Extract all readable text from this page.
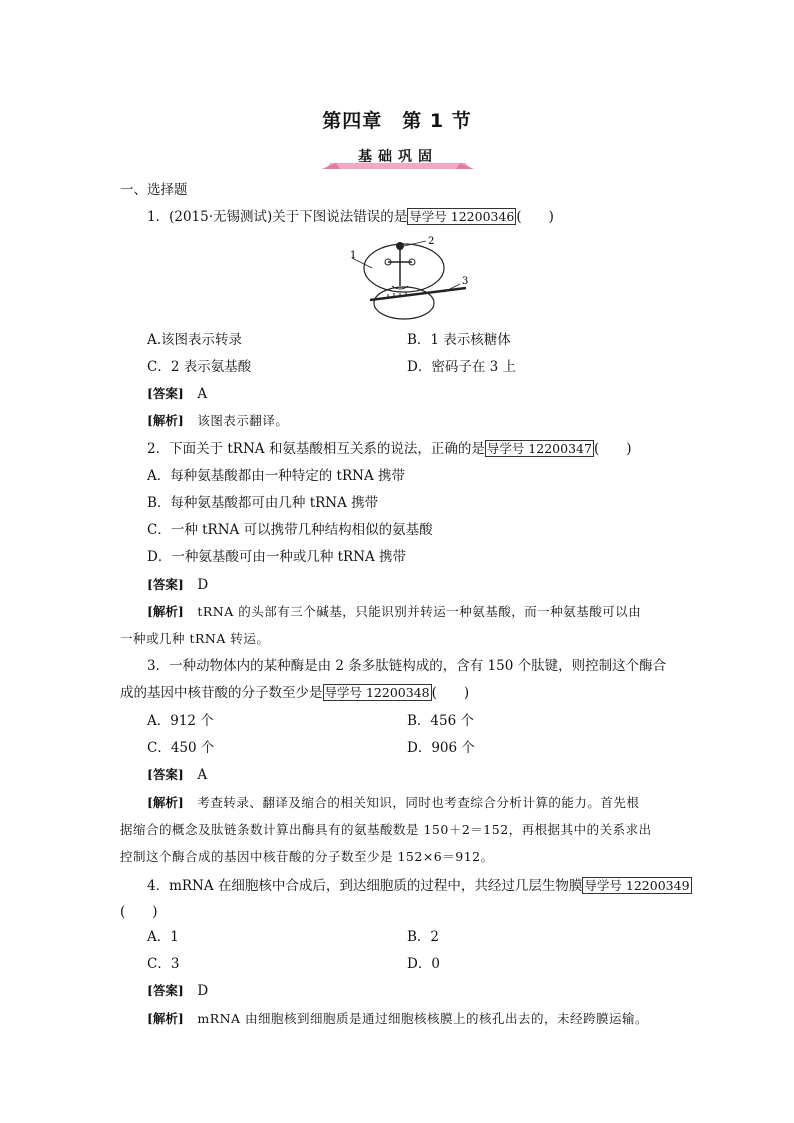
第四章　第 1 节
基础巩固
一、选择题
1．(2015·无锡测试)关于下图说法错误的是 导学号 12200346 (　　)
1
2
3
A.该图表示转录	B．1 表示核糖体
C．2 表示氨基酸	D．密码子在 3 上
[答案]　 A
[解析]　 该图表示翻译。
2．下面关于 tRNA 和氨基酸相互关系的说法，正确的是 导学号 12200347 (　　)
A．每种氨基酸都由一种特定的 tRNA 携带
B．每种氨基酸都可由几种 tRNA 携带
C．一种 tRNA 可以携带几种结构相似的氨基酸
D．一种氨基酸可由一种或几种 tRNA 携带
[答案]　 D
[解析]　 tRNA 的头部有三个碱基，只能识别并转运一种氨基酸，而一种氨基酸可以由
一种或几种 tRNA 转运。
3．一种动物体内的某种酶是由 2 条多肽链构成的，含有 150 个肽键，则控制这个酶合
成的基因中核苷酸的分子数至少是 导学号 12200348 (　　)
A．912 个	B．456 个
C．450 个	D．906 个
[答案]　 A
[解析]　 考查转录、翻译及缩合的相关知识，同时也考查综合分析计算的能力。首先根
据缩合的概念及肽链条数计算出酶具有的氨基酸数是 150＋2＝152，再根据其中的关系求出
控制这个酶合成的基因中核苷酸的分子数至少是 152×6＝912。
4．mRNA 在细胞核中合成后，到达细胞质的过程中，共经过几层生物膜 导学号 12200349
(　　)
A．1	B．2
C．3	D．0
[答案]　 D
[解析]　 mRNA 由细胞核到细胞质是通过细胞核核膜上的核孔出去的，未经跨膜运输。
